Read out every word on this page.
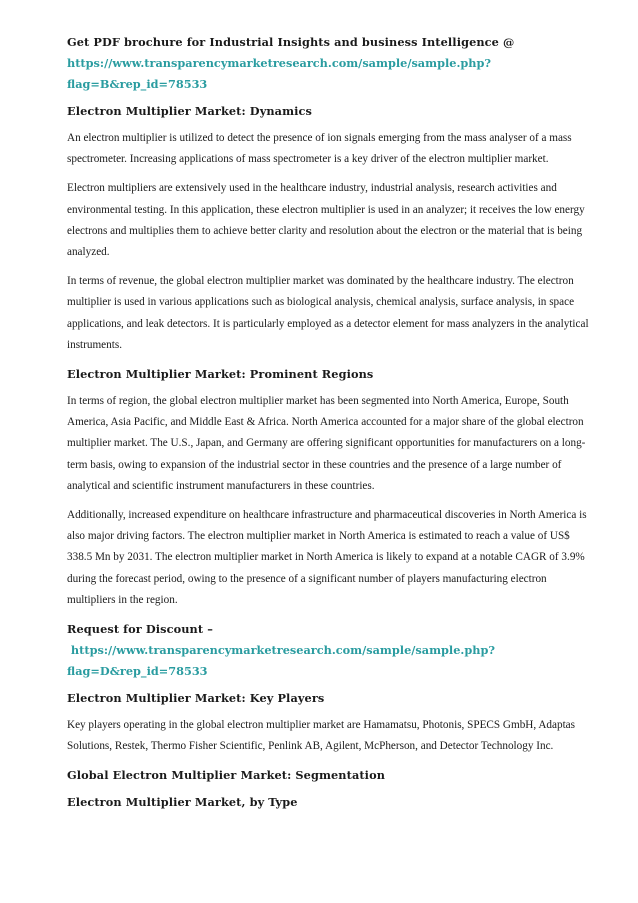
Get PDF brochure for Industrial Insights and business Intelligence @
https://www.transparencymarketresearch.com/sample/sample.php?
flag=B&rep_id=78533
Electron Multiplier Market: Dynamics

An electron multiplier is utilized to detect the presence of ion signals emerging from the mass analyser of a mass spectrometer. Increasing applications of mass spectrometer is a key driver of the electron multiplier market.

Electron multipliers are extensively used in the healthcare industry, industrial analysis, research activities and environmental testing. In this application, these electron multiplier is used in an analyzer; it receives the low energy electrons and multiplies them to achieve better clarity and resolution about the electron or the material that is being analyzed.

In terms of revenue, the global electron multiplier market was dominated by the healthcare industry. The electron multiplier is used in various applications such as biological analysis, chemical analysis, surface analysis, in space applications, and leak detectors. It is particularly employed as a detector element for mass analyzers in the analytical instruments.

Electron Multiplier Market: Prominent Regions

In terms of region, the global electron multiplier market has been segmented into North America, Europe, South America, Asia Pacific, and Middle East & Africa. North America accounted for a major share of the global electron multiplier market. The U.S., Japan, and Germany are offering significant opportunities for manufacturers on a long-term basis, owing to expansion of the industrial sector in these countries and the presence of a large number of analytical and scientific instrument manufacturers in these countries.

Additionally, increased expenditure on healthcare infrastructure and pharmaceutical discoveries in North America is also major driving factors. The electron multiplier market in North America is estimated to reach a value of US$ 338.5 Mn by 2031. The electron multiplier market in North America is likely to expand at a notable CAGR of 3.9% during the forecast period, owing to the presence of a significant number of players manufacturing electron multipliers in the region.

Request for Discount –
https://www.transparencymarketresearch.com/sample/sample.php?
flag=D&rep_id=78533
Electron Multiplier Market: Key Players

Key players operating in the global electron multiplier market are Hamamatsu, Photonis, SPECS GmbH, Adaptas Solutions, Restek, Thermo Fisher Scientific, Penlink AB, Agilent, McPherson, and Detector Technology Inc.

Global Electron Multiplier Market: Segmentation
Electron Multiplier Market, by Type
